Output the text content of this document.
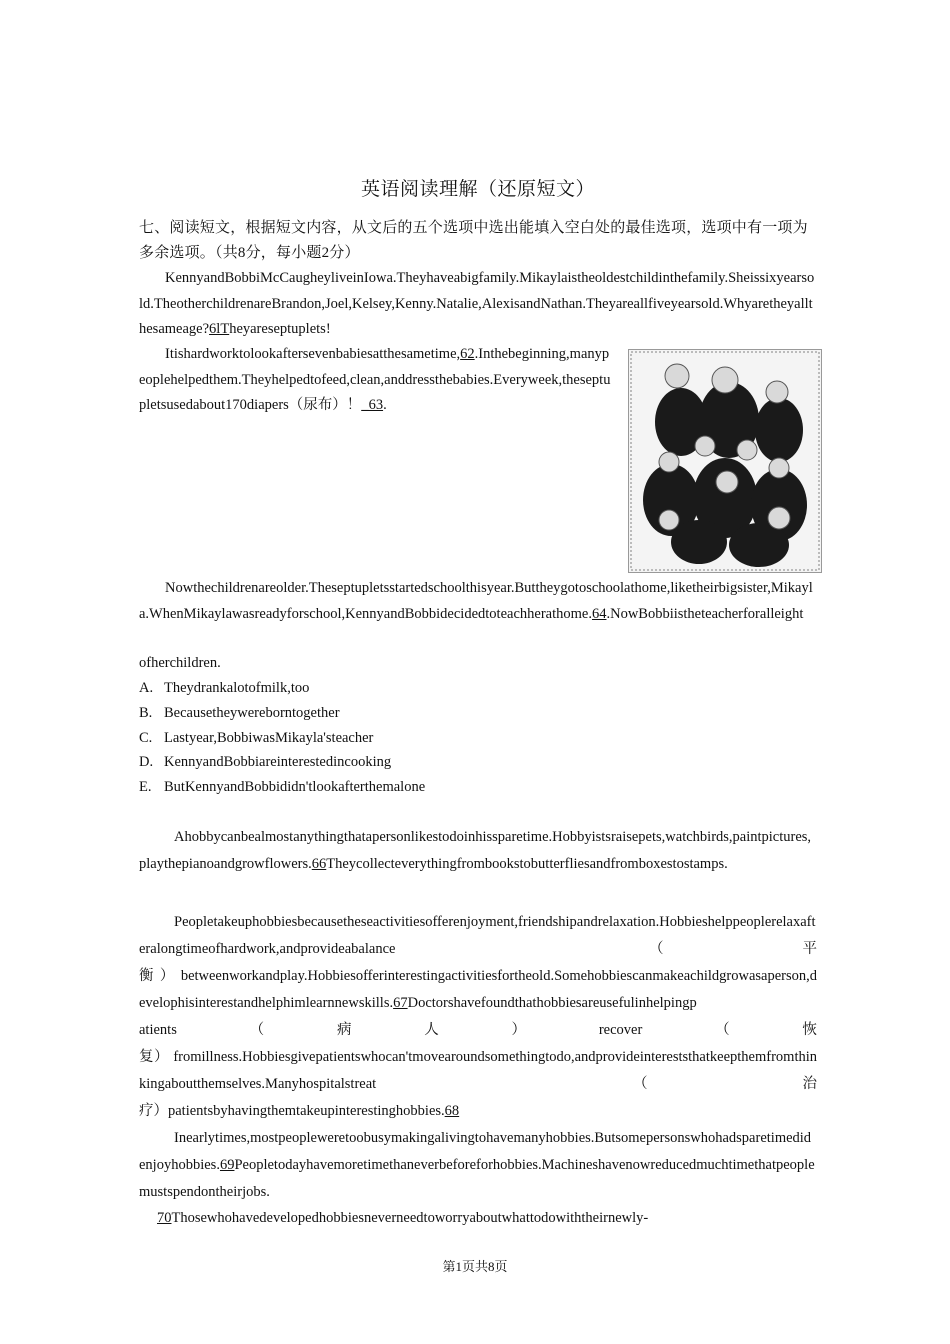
英语阅读理解（还原短文）
七、阅读短文，根据短文内容，从文后的五个选项中选出能填入空白处的最佳选项，选项中有一项为多余选项。（共8分，每小题2分）
KennyandBobbiMcCaugheyliveinIowa.Theyhaveabigfamily.Mikaylaistheoldestchildinthefamily.Sheissixyearsold.TheotherchildrenareBrandon,Joel,Kelsey,Kenny.Natalie,AlexisandNathan.Theyareallfiveyearsold.Whyaretheyallthesameage?6lTheyareseptuplets!
Itishardworktolookaftersevenbabiesatthesametime,62.Inthebeginning,manypeoplehelpedthem.Theyhelpedtofeed,clean,anddressthebabies.Everyweek,theseptupletsusedabout170diapers（尿布）！_63.
Nowthechildrenareolder.Theseptupletsstartedschoolthisyear.Buttheygotoschoolathome,liketheirbigsister,Mikayla.WhenMikaylawasreadyforschool,KennyandBobbidecidedtoteachherathome.64.NowBobbiistheteacherforalleight
ofherchildren.
A. Theydrankalotofmilk,too
B. Becausetheywereborntogether
C. Lastyear,BobbiwasMikayla'steacher
D. KennyandBobbiareinterestedincooking
E. ButKennyandBobbididn'tlookafterthemalone
Ahobbycanbealmostanythingthatapersonlikestodoinhissparetime.Hobbyistsraisepets,watchbirds,paintpictures,playthepianoandgrowflowers.66Theycollecteverythingfrombookstobutterfliesandfromboxestostamps.
Peopletakeuphobbiesbecausetheseactivitiesofferenjoyment,friendshipandrelaxation.Hobbieshelppeoplerelaxafteralongtimeofhardwork,andprovideabalance	（	平
衡 ） betweenworkandplay.Hobbiesofferinterestingactivitiesfortheold.Somehobbiescanmakeachildgrowasaperson,develophisinterestandhelphimlearnnewskills.67Doctorshavefoundthathobbiesareusefulinhelpingp
atients	（	病	人	）	recover	（	恢
复） fromillness.Hobbiesgivepatientswhocan'tmovearoundsomethingtodo,andprovideintereststhatkeepthemfromthinkingaboutthemselves.Manyhospitalstreat	（	治
疗）patientsbyhavingthemtakeupinterestinghobbies.68
Inearlytimes,mostpeopleweretoobusymakingalivingtohavemanyhobbies.Butsomepersonswhohadsparetimedidenjoyhobbies.69Peopletodayhavemoretimethaneverbeforeforhobbies.Machineshavenowreducedmuchtimethatpeoplemustspendontheirjobs.
70Thosewhohavedevelopedhobbiesneverneedtoworryaboutwhattodowiththeirnewly-
第1页共8页
